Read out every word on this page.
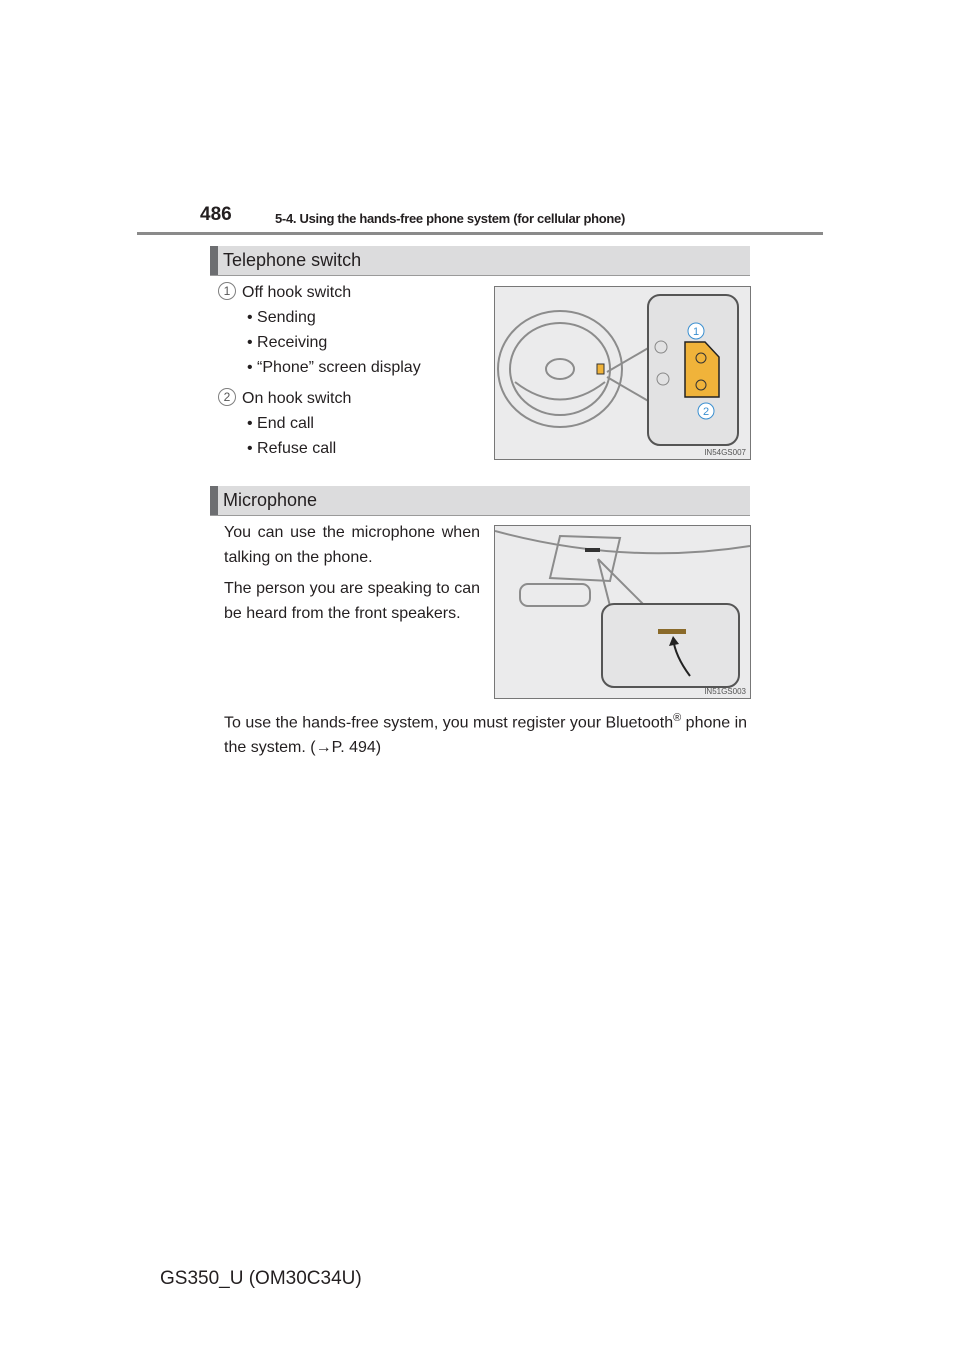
486	5-4. Using the hands-free phone system (for cellular phone)
Telephone switch
1 Off hook switch
• Sending
• Receiving
• “Phone” screen display
2 On hook switch
• End call
• Refuse call
1
2
IN54GS007
Microphone
You can use the microphone when talking on the phone.
The person you are speaking to can be heard from the front speakers.
IN51GS003
To use the hands-free system, you must register your Bluetooth® phone in the system. (→P. 494)
GS350_U (OM30C34U)
